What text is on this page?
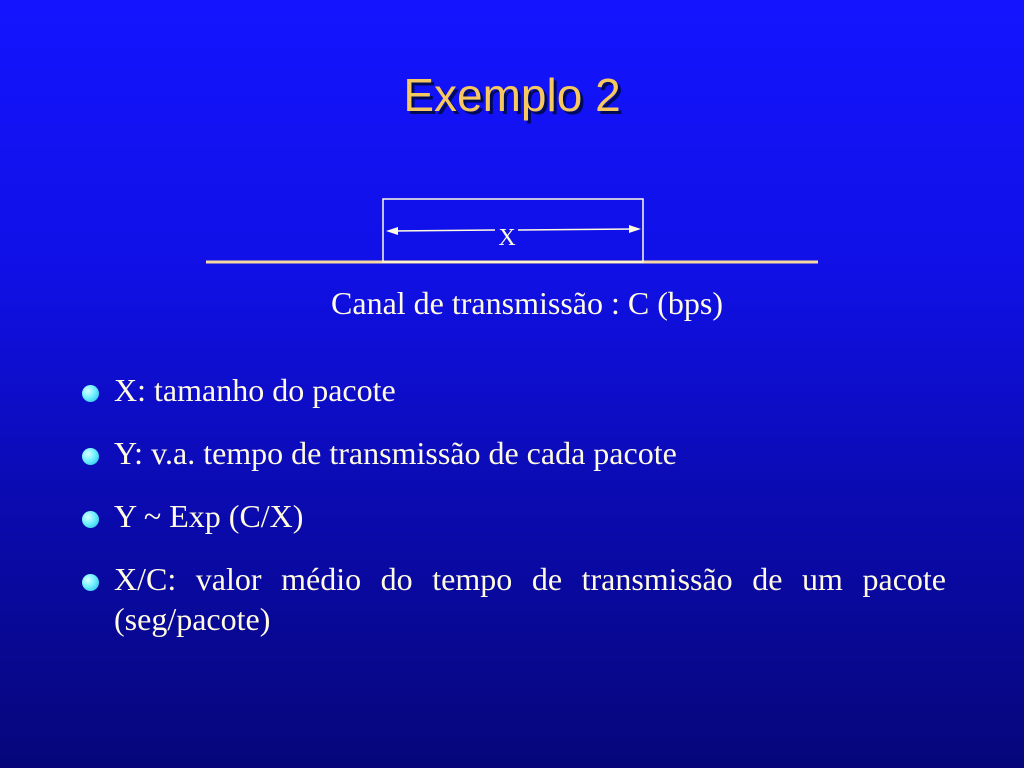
Exemplo 2
X
Canal de transmissão : C (bps)
X: tamanho do pacote
Y: v.a. tempo de transmissão de cada pacote
Y ~ Exp (C/X)
X/C: valor médio do tempo de transmissão de um pacote (seg/pacote)
